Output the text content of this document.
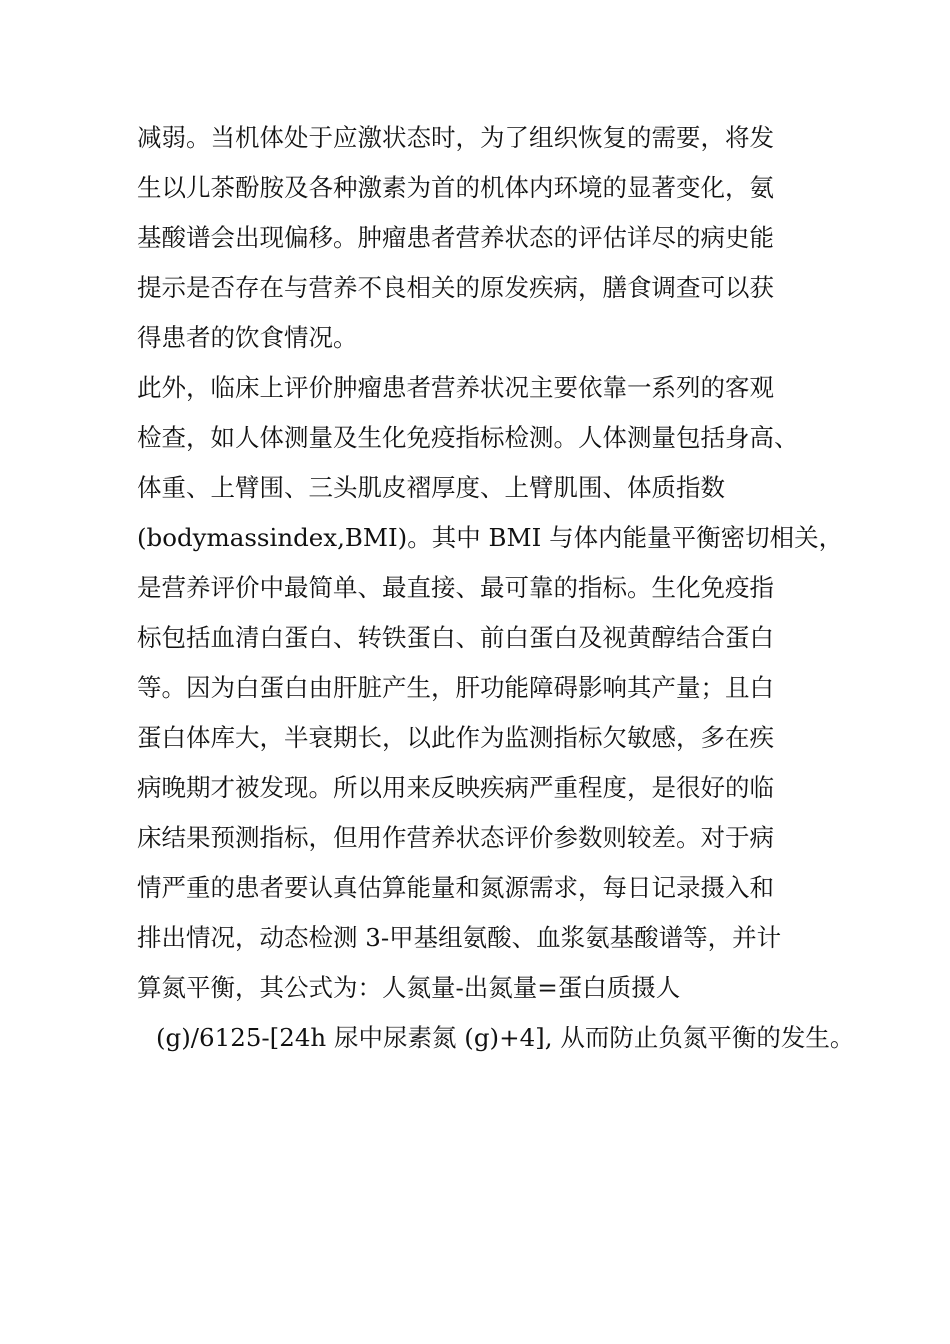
减弱。当机体处于应激状态时，为了组织恢复的需要，将发
生以儿茶酚胺及各种激素为首的机体内环境的显著变化，氨
基酸谱会出现偏移。肿瘤患者营养状态的评估详尽的病史能
提示是否存在与营养不良相关的原发疾病，膳食调查可以获
得患者的饮食情况。
此外，临床上评价肿瘤患者营养状况主要依靠一系列的客观
检查，如人体测量及生化免疫指标检测。人体测量包括身高、
体重、上臂围、三头肌皮褶厚度、上臂肌围、体质指数
(bodymassindex,BMI)。其中 BMI 与体内能量平衡密切相关，
是营养评价中最简单、最直接、最可靠的指标。生化免疫指
标包括血清白蛋白、转铁蛋白、前白蛋白及视黄醇结合蛋白
等。因为白蛋白由肝脏产生，肝功能障碍影响其产量；且白
蛋白体库大，半衰期长，以此作为监测指标欠敏感，多在疾
病晚期才被发现。所以用来反映疾病严重程度，是很好的临
床结果预测指标，但用作营养状态评价参数则较差。对于病
情严重的患者要认真估算能量和氮源需求，每日记录摄入和
排出情况，动态检测 3-甲基组氨酸、血浆氨基酸谱等，并计
算氮平衡，其公式为：人氮量-出氮量=蛋白质摄人
(g)/6125-[24h 尿中尿素氮 (g)+4], 从而防止负氮平衡的发生。
